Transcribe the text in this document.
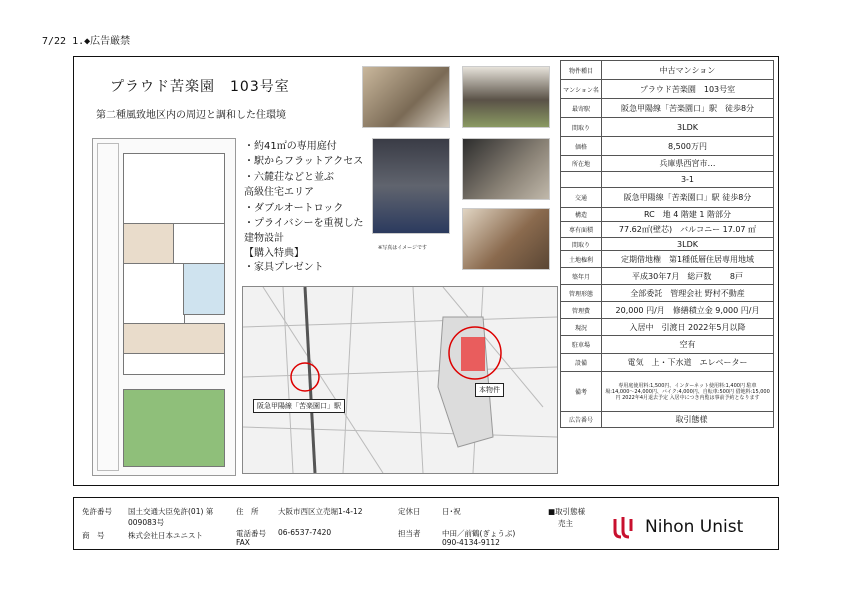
7/22 1.◆広告厳禁
プラウド苦楽園　103号室
第二種風致地区内の周辺と調和した住環境
・約41㎡の専用庭付
・駅からフラットアクセス
・六麓荘などと並ぶ
高級住宅エリア
・ダブルオートロック
・プライバシーを重視した
建物設計
【購入特典】
・家具プレゼント
※写真はイメージです
阪急甲陽線「苦楽園口」駅
本物件
物件種目	中古マンション
マンション名	プラウド苦楽園　103号室
最寄駅	阪急甲陽線「苦楽園口」駅　徒歩8分
間取り	3LDK
価格	8,500万円
所在地	兵庫県西宮市…
	3-1
交通	阪急甲陽線「苦楽園口」駅 徒歩8分
構造	RC　地 4 階建 1 階部分
専有面積	77.62㎡(壁芯)　バルコニー 17.07 ㎡
間取り	3LDK
土地権利	定期借地権　第1種低層住居専用地域
築年月	平成30年7月　総戸数 　　8戸
管理形態	全部委託　管理会社 野村不動産
管理費	20,000 円/月　修繕積立金 9,000 円/月
現況	入居中　引渡日 2022年5月以降
駐車場	空有
設備	電気　上・下水道　エレベーター
備考	専用庭使用料:1,500円、インターネット使用料:1,400円 駐車場:14,000〜24,000円、バイク:4,000円、自転車:500円 借地料:15,000円 2022年4月退去予定 入居中につき内覧は事前予約となります
広告番号	　取引態様
免許番号 国土交通大臣免許(01) 第009083号
商　号	株式会社日本ユニスト
住　所	大阪市西区立売堀1-4-12
電話番号 06-6537-7420
FAX
定休日	日･祝
担当者	中田／前鶴(ぎょうぶ)
090-4134-9112
■取引態様
売主	Nihon Unist
